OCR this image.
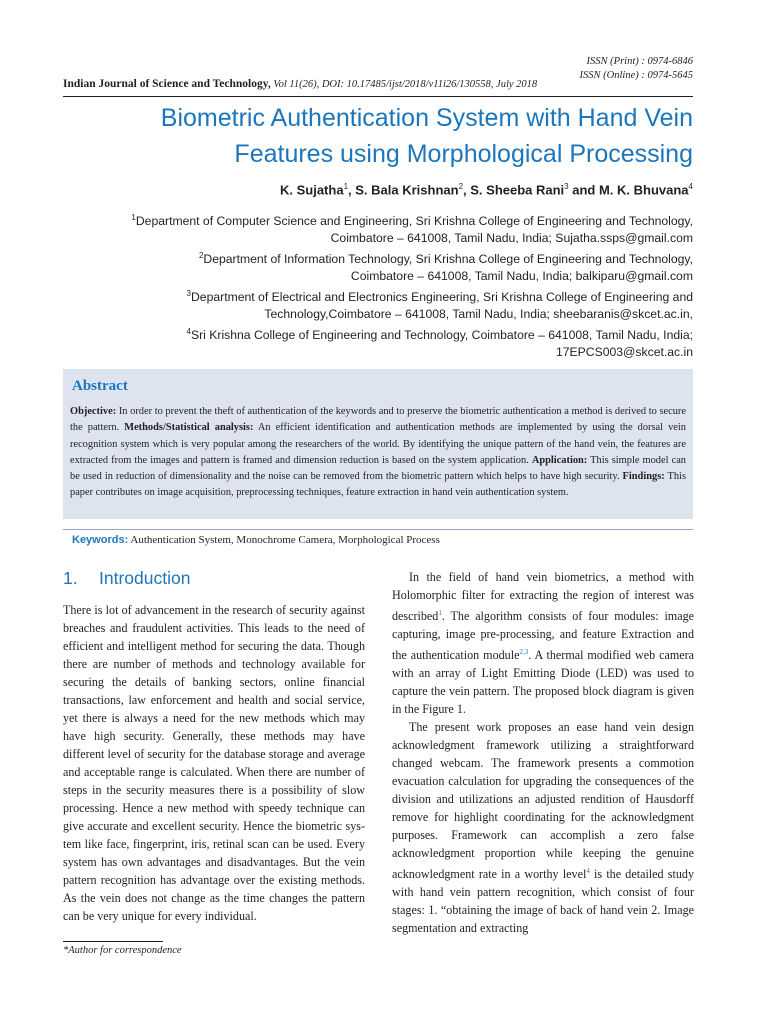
ISSN (Print) : 0974-6846
ISSN (Online) : 0974-5645
Indian Journal of Science and Technology, Vol 11(26), DOI: 10.17485/ijst/2018/v11i26/130558, July 2018
Biometric Authentication System with Hand Vein
Features using Morphological Processing
K. Sujatha$^1$, S. Bala Krishnan$^2$, S. Sheeba Rani$^3$ and M. K. Bhuvana$^4$
$^1$Department of Computer Science and Engineering, Sri Krishna College of Engineering and Technology,
Coimbatore – 641008, Tamil Nadu, India; Sujatha.ssps@gmail.com
$^2$Department of Information Technology, Sri Krishna College of Engineering and Technology,
Coimbatore – 641008, Tamil Nadu, India; balkiparu@gmail.com
$^3$Department of Electrical and Electronics Engineering, Sri Krishna College of Engineering and
Technology,Coimbatore – 641008, Tamil Nadu, India; sheebaranis@skcet.ac.in,
$^4$Sri Krishna College of Engineering and Technology, Coimbatore – 641008, Tamil Nadu, India;
17EPCS003@skcet.ac.in
Abstract
Objective: In order to prevent the theft of authentication of the keywords and to preserve the biometric authentication a method is derived to secure the pattern. Methods/Statistical analysis: An efficient identification and authentication methods are implemented by using the dorsal vein recognition system which is very popular among the researchers of the world. By identifying the unique pattern of the hand vein, the features are extracted from the images and pattern is framed and dimension reduction is based on the system application. Application: This simple model can be used in reduction of dimensionality and the noise can be removed from the biometric pattern which helps to have high security. Findings: This paper contributes on image acquisition, preprocessing techniques, feature extraction in hand vein authentication system.
Keywords: Authentication System, Monochrome Camera, Morphological Process
1. Introduction

There is lot of advancement in the research of security against breaches and fraudulent activities. This leads to the need of efficient and intelligent method for securing the data. Though there are number of methods and technology available for securing the details of banking sectors, online financial transactions, law enforcement and health and social service, yet there is always a need for the new methods which may have high security. Generally, these methods may have different level of security for the database storage and average and acceptable range is calculated. When there are number of steps in the security measures there is a possibility of slow processing. Hence a new method with speedy technique can give accurate and excellent security. Hence the biometric system like face, fingerprint, iris, retinal scan can be used. Every system has own advantages and disadvantages. But the vein pattern recognition has advantage over the existing methods. As the vein does not change as the time changes the pattern can be very unique for every individual.

In the field of hand vein biometrics, a method with Holomorphic filter for extracting the region of interest was described$^1$. The algorithm consists of four modules: image capturing, image pre-processing, and feature Extraction and the authentication module$^{2,3}$. A thermal modified web camera with an array of Light Emitting Diode (LED) was used to capture the vein pattern. The proposed block diagram is given in the Figure 1.

The present work proposes an ease hand vein design acknowledgment framework utilizing a straightforward changed webcam. The framework presents a commotion evacuation calculation for upgrading the consequences of the division and utilizations an adjusted rendition of Hausdorff remove for highlight coordinating for the acknowledgment purposes. Framework can accomplish a zero false acknowledgment proportion while keeping the genuine acknowledgment rate in a worthy level$^4$ is the detailed study with hand vein pattern recognition, which consist of four stages: 1. “obtaining the image of back of hand vein 2. Image segmentation and extracting

*Author for correspondence
